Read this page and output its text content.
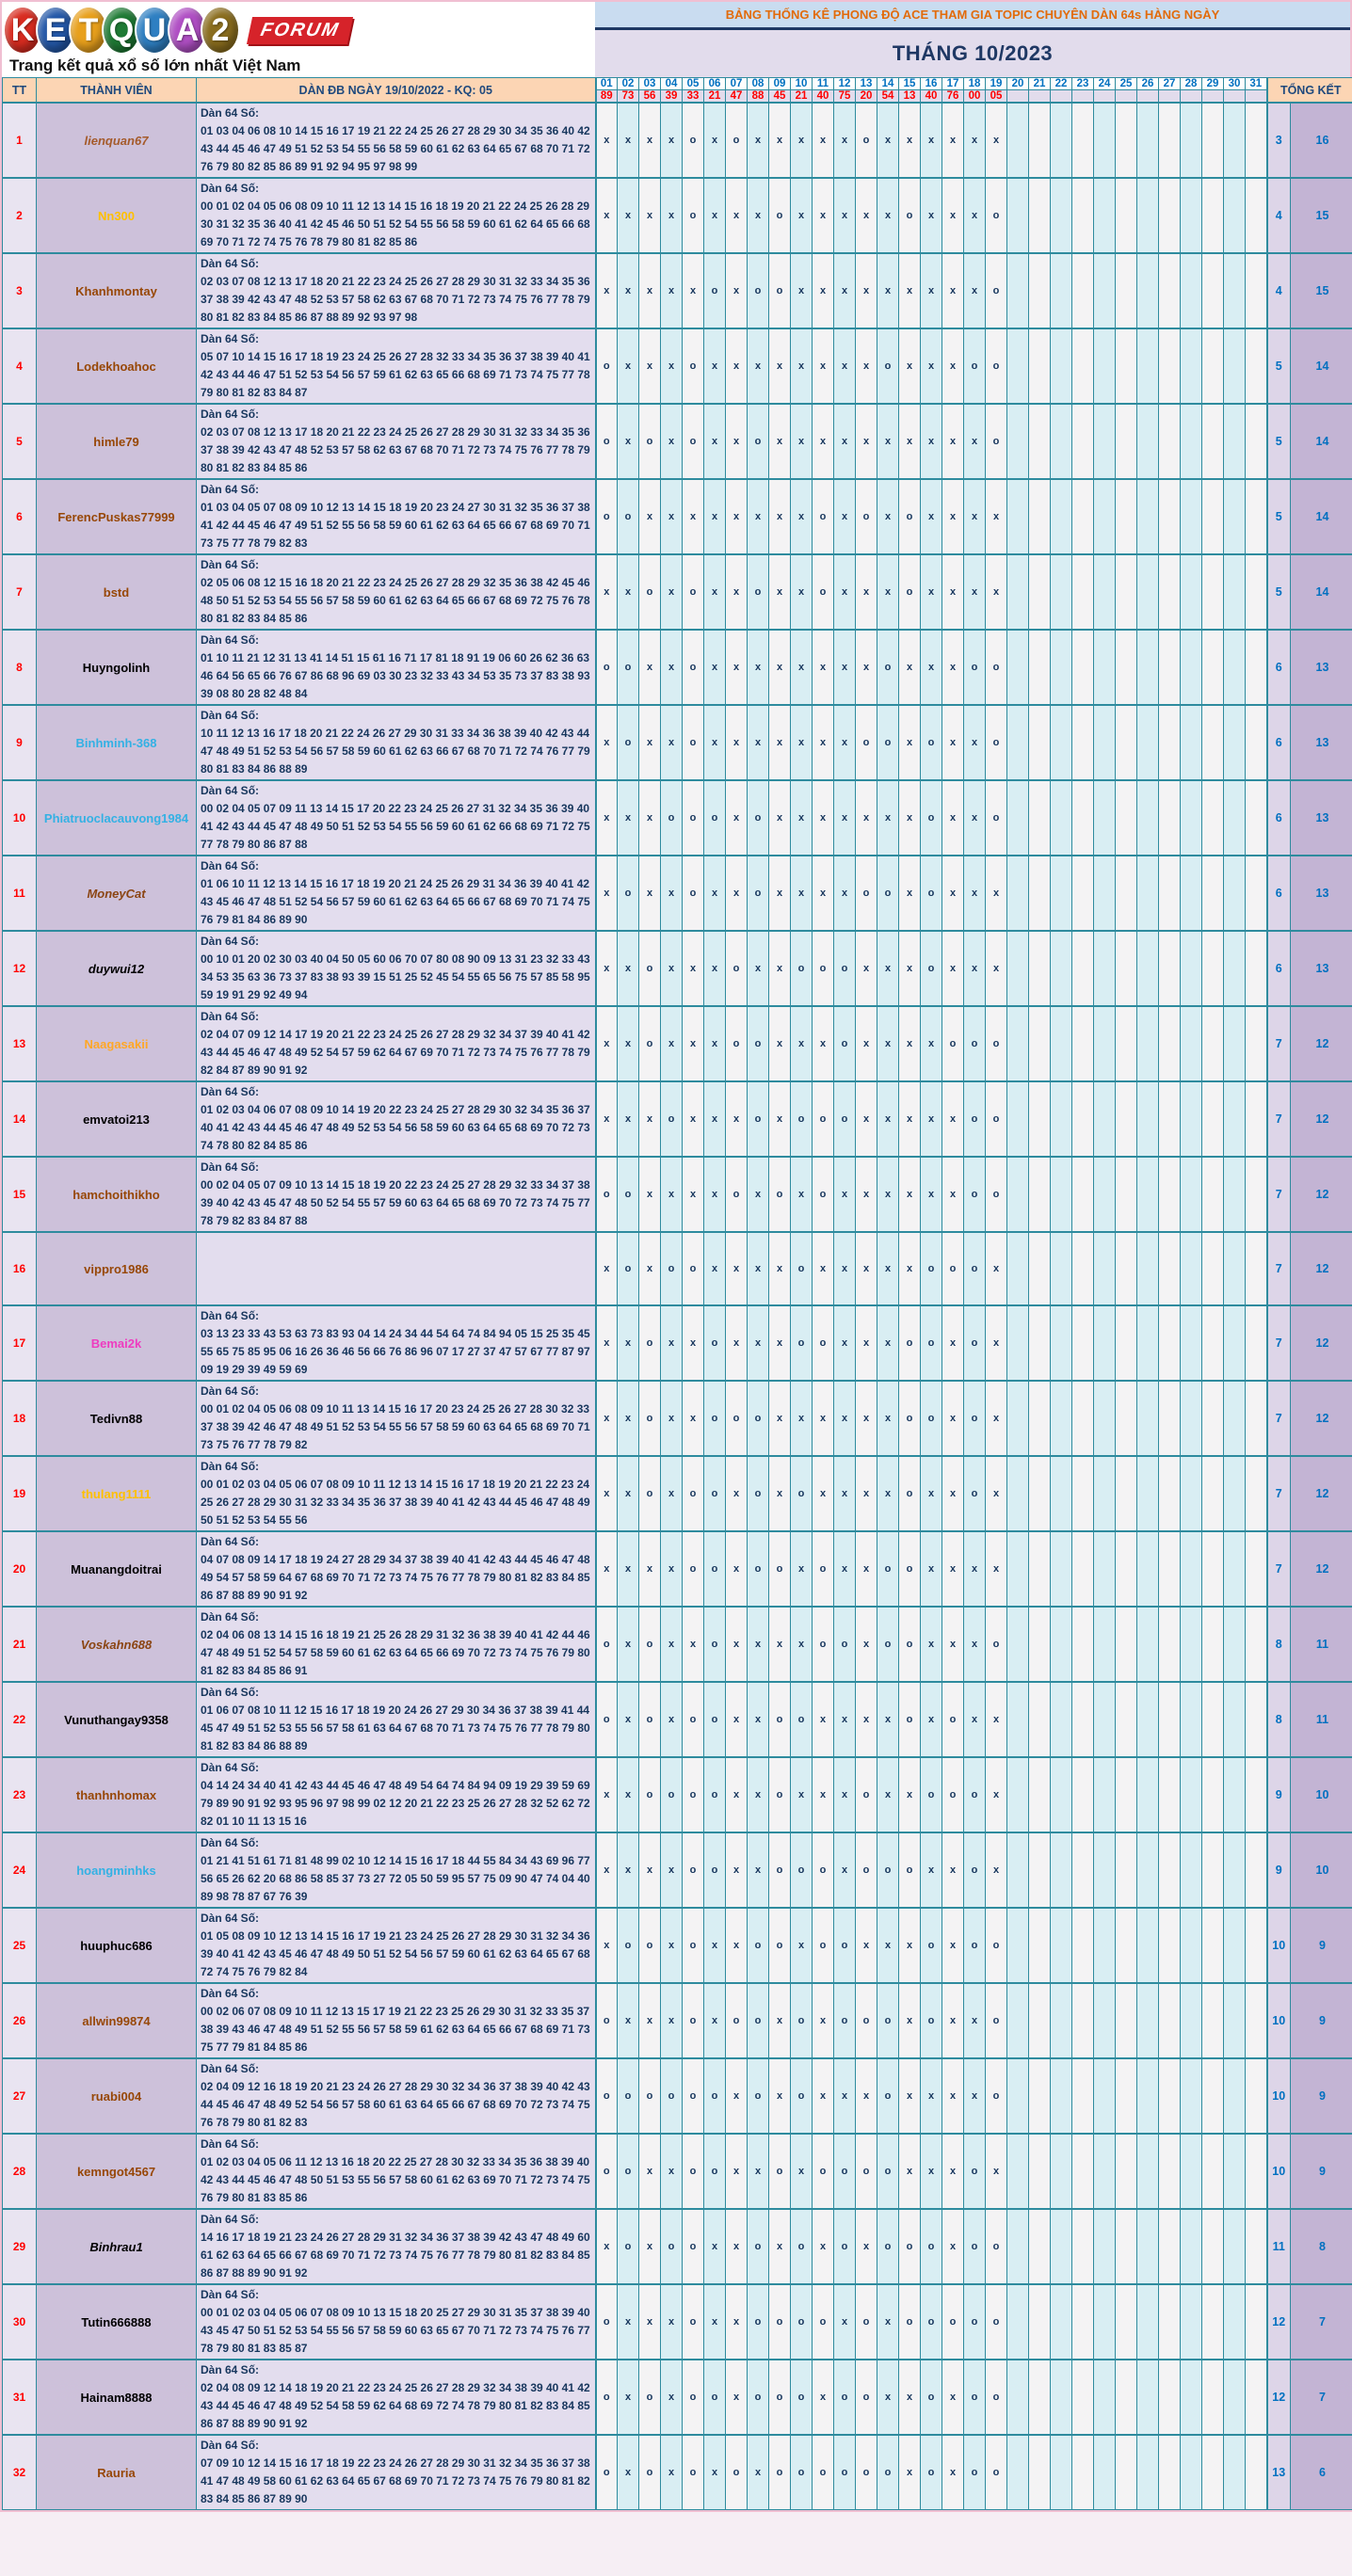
K E T Q U A 2	FORUM
Trang kết quả xổ số lớn nhất Việt Nam
BẢNG THỐNG KÊ PHONG ĐỘ ACE THAM GIA TOPIC CHUYÊN DÀN 64s HÀNG NGÀY
THÁNG 10/2023
TT	THÀNH VIÊN	DÀN ĐB NGÀY 19/10/2022 - KQ: 05	01	02	03	04	05	06	07	08	09	10	11	12	13	14	15	16	17	18	19	20	21	22	23	24	25	26	27	28	29	30	31	TỔNG KẾT	
			89	73	56	39	33	21	47	88	45	21	40	75	20	54	13	40	76	00	05														
1	lienquan67	Dàn 64 Số:
01 03 04 06 08 10 14 15 16 17 19 21 22 24 25 26 27 28 29 30 34 35 36 40 42 43 44 45 46 47 49 51 52 53 54 55 56 58 59 60 61 62 63 64 65 67 68 70 71 72 76 79 80 82 85 86 89 91 92 94 95 97 98 99	x	x	x	x	o	x	o	x	x	x	x	x	o	x	x	x	x	x	x													3	16
2	Nn300	Dàn 64 Số:
00 01 02 04 05 06 08 09 10 11 12 13 14 15 16 18 19 20 21 22 24 25 26 28 29 30 31 32 35 36 40 41 42 45 46 50 51 52 54 55 56 58 59 60 61 62 64 65 66 68 69 70 71 72 74 75 76 78 79 80 81 82 85 86	x	x	x	x	o	x	x	x	o	x	x	x	x	x	o	x	x	x	o													4	15
3	Khanhmontay	Dàn 64 Số:
02 03 07 08 12 13 17 18 20 21 22 23 24 25 26 27 28 29 30 31 32 33 34 35 36 37 38 39 42 43 47 48 52 53 57 58 62 63 67 68 70 71 72 73 74 75 76 77 78 79 80 81 82 83 84 85 86 87 88 89 92 93 97 98	x	x	x	x	x	o	x	o	o	x	x	x	x	x	x	x	x	x	o													4	15
4	Lodekhoahoc	Dàn 64 Số:
05 07 10 14 15 16 17 18 19 23 24 25 26 27 28 32 33 34 35 36 37 38 39 40 41 42 43 44 46 47 51 52 53 54 56 57 59 61 62 63 65 66 68 69 71 73 74 75 77 78 79 80 81 82 83 84 87	o	x	x	x	o	x	x	x	x	x	x	x	x	o	x	x	x	o	o													5	14
5	himle79	Dàn 64 Số:
02 03 07 08 12 13 17 18 20 21 22 23 24 25 26 27 28 29 30 31 32 33 34 35 36 37 38 39 42 43 47 48 52 53 57 58 62 63 67 68 70 71 72 73 74 75 76 77 78 79 80 81 82 83 84 85 86	o	x	o	x	o	x	x	o	x	x	x	x	x	x	x	x	x	x	o													5	14
6	FerencPuskas77999	Dàn 64 Số:
01 03 04 05 07 08 09 10 12 13 14 15 18 19 20 23 24 27 30 31 32 35 36 37 38 41 42 44 45 46 47 49 51 52 55 56 58 59 60 61 62 63 64 65 66 67 68 69 70 71 73 75 77 78 79 82 83	o	o	x	x	x	x	x	x	x	x	o	x	o	x	o	x	x	x	x													5	14
7	bstd	Dàn 64 Số:
02 05 06 08 12 15 16 18 20 21 22 23 24 25 26 27 28 29 32 35 36 38 42 45 46 48 50 51 52 53 54 55 56 57 58 59 60 61 62 63 64 65 66 67 68 69 72 75 76 78 80 81 82 83 84 85 86	x	x	o	x	o	x	x	o	x	x	o	x	x	x	o	x	x	x	x													5	14
8	Huyngolinh	Dàn 64 Số:
01 10 11 21 12 31 13 41 14 51 15 61 16 71 17 81 18 91 19 06 60 26 62 36 63 46 64 56 65 66 76 67 86 68 96 69 03 30 23 32 33 43 34 53 35 73 37 83 38 93 39 08 80 28 82 48 84	o	o	x	x	o	x	x	x	x	x	x	x	x	o	x	x	x	o	o													6	13
9	Binhminh-368	Dàn 64 Số:
10 11 12 13 16 17 18 20 21 22 24 26 27 29 30 31 33 34 36 38 39 40 42 43 44 47 48 49 51 52 53 54 56 57 58 59 60 61 62 63 66 67 68 70 71 72 74 76 77 79 80 81 83 84 86 88 89	x	o	x	x	o	x	x	x	x	x	x	x	o	o	x	o	x	x	o													6	13
10	Phiatruoclacauvong1984	Dàn 64 Số:
00 02 04 05 07 09 11 13 14 15 17 20 22 23 24 25 26 27 31 32 34 35 36 39 40 41 42 43 44 45 47 48 49 50 51 52 53 54 55 56 59 60 61 62 66 68 69 71 72 75 77 78 79 80 86 87 88	x	x	x	o	o	o	x	o	x	x	x	x	x	x	x	o	x	x	o													6	13
11	MoneyCat	Dàn 64 Số:
01 06 10 11 12 13 14 15 16 17 18 19 20 21 24 25 26 29 31 34 36 39 40 41 42 43 45 46 47 48 51 52 54 56 57 59 60 61 62 63 64 65 66 67 68 69 70 71 74 75 76 79 81 84 86 89 90	x	o	x	x	o	x	x	o	x	x	x	x	o	o	x	o	x	x	x													6	13
12	duywui12	Dàn 64 Số:
00 10 01 20 02 30 03 40 04 50 05 60 06 70 07 80 08 90 09 13 31 23 32 33 43 34 53 35 63 36 73 37 83 38 93 39 15 51 25 52 45 54 55 65 56 75 57 85 58 95 59 19 91 29 92 49 94	x	x	o	x	x	x	o	x	x	o	o	o	x	x	x	o	x	x	x													6	13
13	Naagasakii	Dàn 64 Số:
02 04 07 09 12 14 17 19 20 21 22 23 24 25 26 27 28 29 32 34 37 39 40 41 42 43 44 45 46 47 48 49 52 54 57 59 62 64 67 69 70 71 72 73 74 75 76 77 78 79 82 84 87 89 90 91 92	x	x	o	x	x	x	o	o	x	x	x	o	x	x	x	x	o	o	o													7	12
14	emvatoi213	Dàn 64 Số:
01 02 03 04 06 07 08 09 10 14 19 20 22 23 24 25 27 28 29 30 32 34 35 36 37 40 41 42 43 44 45 46 47 48 49 52 53 54 56 58 59 60 63 64 65 68 69 70 72 73 74 78 80 82 84 85 86	x	x	x	o	x	x	x	o	x	o	o	o	x	x	x	x	x	o	o													7	12
15	hamchoithikho	Dàn 64 Số:
00 02 04 05 07 09 10 13 14 15 18 19 20 22 23 24 25 27 28 29 32 33 34 37 38 39 40 42 43 45 47 48 50 52 54 55 57 59 60 63 64 65 68 69 70 72 73 74 75 77 78 79 82 83 84 87 88	o	o	x	x	x	x	o	x	o	x	o	x	x	x	x	x	x	o	o													7	12
16	vippro1986		x	o	x	o	o	x	x	x	x	o	x	x	x	x	x	o	o	o	x													7	12
17	Bemai2k	Dàn 64 Số:
03 13 23 33 43 53 63 73 83 93 04 14 24 34 44 54 64 74 84 94 05 15 25 35 45 55 65 75 85 95 06 16 26 36 46 56 66 76 86 96 07 17 27 37 47 57 67 77 87 97 09 19 29 39 49 59 69	x	x	o	x	x	o	x	x	x	o	o	x	x	x	o	o	x	o	x													7	12
18	Tedivn88	Dàn 64 Số:
00 01 02 04 05 06 08 09 10 11 13 14 15 16 17 20 23 24 25 26 27 28 30 32 33 37 38 39 42 46 47 48 49 51 52 53 54 55 56 57 58 59 60 63 64 65 68 69 70 71 73 75 76 77 78 79 82	x	x	o	x	x	o	o	o	x	x	x	x	x	x	o	o	x	o	x													7	12
19	thulang1111	Dàn 64 Số:
00 01 02 03 04 05 06 07 08 09 10 11 12 13 14 15 16 17 18 19 20 21 22 23 24 25 26 27 28 29 30 31 32 33 34 35 36 37 38 39 40 41 42 43 44 45 46 47 48 49 50 51 52 53 54 55 56	x	x	o	x	o	o	x	o	x	o	x	x	x	x	o	x	x	o	x													7	12
20	Muanangdoitrai	Dàn 64 Số:
04 07 08 09 14 17 18 19 24 27 28 29 34 37 38 39 40 41 42 43 44 45 46 47 48 49 54 57 58 59 64 67 68 69 70 71 72 73 74 75 76 77 78 79 80 81 82 83 84 85 86 87 88 89 90 91 92	x	x	x	x	o	o	x	o	o	x	o	x	x	o	o	x	x	x	x													7	12
21	Voskahn688	Dàn 64 Số:
02 04 06 08 13 14 15 16 18 19 21 25 26 28 29 31 32 36 38 39 40 41 42 44 46 47 48 49 51 52 54 57 58 59 60 61 62 63 64 65 66 69 70 72 73 74 75 76 79 80 81 82 83 84 85 86 91	o	x	o	x	x	o	x	x	x	x	o	o	x	o	o	x	x	x	o													8	11
22	Vunuthangay9358	Dàn 64 Số:
01 06 07 08 10 11 12 15 16 17 18 19 20 24 26 27 29 30 34 36 37 38 39 41 44 45 47 49 51 52 53 55 56 57 58 61 63 64 67 68 70 71 73 74 75 76 77 78 79 80 81 82 83 84 86 88 89	o	x	o	x	o	o	x	x	o	o	x	x	x	x	o	x	o	x	x													8	11
23	thanhnhomax	Dàn 64 Số:
04 14 24 34 40 41 42 43 44 45 46 47 48 49 54 64 74 84 94 09 19 29 39 59 69 79 89 90 91 92 93 95 96 97 98 99 02 12 20 21 22 23 25 26 27 28 32 52 62 72 82 01 10 11 13 15 16	x	x	o	o	o	o	x	x	o	x	x	x	o	x	x	o	o	o	x													9	10
24	hoangminhks	Dàn 64 Số:
01 21 41 51 61 71 81 48 99 02 10 12 14 15 16 17 18 44 55 84 34 43 69 96 77 56 65 26 62 20 68 86 58 85 37 73 27 72 05 50 59 95 57 75 09 90 47 74 04 40 89 98 78 87 67 76 39	x	x	x	x	o	o	x	x	o	o	o	x	o	o	o	x	x	o	x													9	10
25	huuphuc686	Dàn 64 Số:
01 05 08 09 10 12 13 14 15 16 17 19 21 23 24 25 26 27 28 29 30 31 32 34 36 39 40 41 42 43 45 46 47 48 49 50 51 52 54 56 57 59 60 61 62 63 64 65 67 68 72 74 75 76 79 82 84	x	o	o	x	o	x	x	o	o	x	o	o	x	x	x	o	x	o	o													10	9
26	allwin99874	Dàn 64 Số:
00 02 06 07 08 09 10 11 12 13 15 17 19 21 22 23 25 26 29 30 31 32 33 35 37 38 39 43 46 47 48 49 51 52 55 56 57 58 59 61 62 63 64 65 66 67 68 69 71 73 75 77 79 81 84 85 86	o	x	x	x	o	x	o	o	x	o	x	o	o	o	x	o	x	x	o													10	9
27	ruabi004	Dàn 64 Số:
02 04 09 12 16 18 19 20 21 23 24 26 27 28 29 30 32 34 36 37 38 39 40 42 43 44 45 46 47 48 49 52 54 56 57 58 60 61 63 64 65 66 67 68 69 70 72 73 74 75 76 78 79 80 81 82 83	o	o	o	o	o	o	x	o	x	o	x	x	x	o	x	x	x	x	o													10	9
28	kemngot4567	Dàn 64 Số:
01 02 03 04 05 06 11 12 13 16 18 20 22 25 27 28 30 32 33 34 35 36 38 39 40 42 43 44 45 46 47 48 50 51 53 55 56 57 58 60 61 62 63 69 70 71 72 73 74 75 76 79 80 81 83 85 86	o	o	x	x	o	o	x	x	o	x	o	o	o	o	x	x	x	o	x													10	9
29	Binhrau1	Dàn 64 Số:
14 16 17 18 19 21 23 24 26 27 28 29 31 32 34 36 37 38 39 42 43 47 48 49 60 61 62 63 64 65 66 67 68 69 70 71 72 73 74 75 76 77 78 79 80 81 82 83 84 85 86 87 88 89 90 91 92	x	o	x	o	o	x	x	o	x	o	x	o	x	o	o	o	x	o	o													11	8
30	Tutin666888	Dàn 64 Số:
00 01 02 03 04 05 06 07 08 09 10 13 15 18 20 25 27 29 30 31 35 37 38 39 40 43 45 47 50 51 52 53 54 55 56 57 58 59 60 63 65 67 70 71 72 73 74 75 76 77 78 79 80 81 83 85 87	o	x	x	x	o	x	x	o	o	o	o	x	o	x	o	o	o	o	o													12	7
31	Hainam8888	Dàn 64 Số:
02 04 08 09 12 14 18 19 20 21 22 23 24 25 26 27 28 29 32 34 38 39 40 41 42 43 44 45 46 47 48 49 52 54 58 59 62 64 68 69 72 74 78 79 80 81 82 83 84 85 86 87 88 89 90 91 92	o	x	o	x	o	o	x	o	o	o	x	o	o	x	x	o	x	o	o													12	7
32	Rauria	Dàn 64 Số:
07 09 10 12 14 15 16 17 18 19 22 23 24 26 27 28 29 30 31 32 34 35 36 37 38 41 47 48 49 58 60 61 62 63 64 65 67 68 69 70 71 72 73 74 75 76 79 80 81 82 83 84 85 86 87 89 90	o	x	o	x	o	x	o	x	o	o	o	o	o	o	x	o	x	o	o													13	6
